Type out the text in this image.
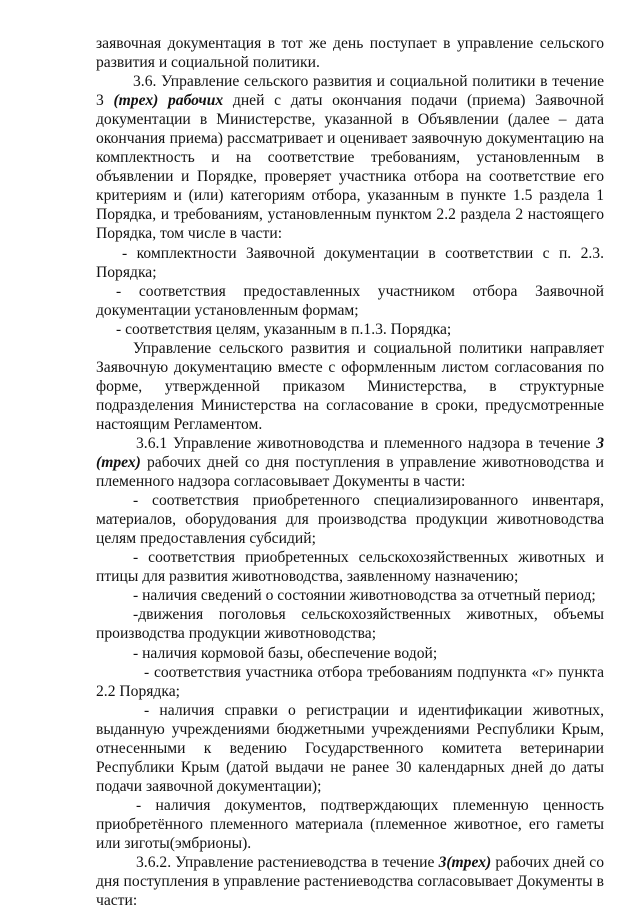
заявочная документация в тот же день поступает в управление сельского развития и социальной политики.

3.6. Управление сельского развития и социальной политики в течение 3 (трех) рабочих дней с даты окончания подачи (приема) Заявочной документации в Министерстве, указанной в Объявлении (далее – дата окончания приема) рассматривает и оценивает заявочную документацию на комплектность и на соответствие требованиям, установленным в объявлении и Порядке, проверяет участника отбора на соответствие его критериям и (или) категориям отбора, указанным в пункте 1.5 раздела 1 Порядка, и требованиям, установленным пунктом 2.2 раздела 2 настоящего Порядка, том числе в части:

- комплектности Заявочной документации в соответствии с п. 2.3. Порядка;

- соответствия предоставленных участником отбора Заявочной документации установленным формам;

- соответствия целям, указанным в п.1.3. Порядка;

Управление сельского развития и социальной политики направляет Заявочную документацию вместе с оформленным листом согласования по форме, утвержденной приказом Министерства, в структурные подразделения Министерства на согласование в сроки, предусмотренные настоящим Регламентом.

3.6.1 Управление животноводства и племенного надзора в течение 3 (трех) рабочих дней со дня поступления в управление животноводства и племенного надзора согласовывает Документы в части:

- соответствия приобретенного специализированного инвентаря, материалов, оборудования для производства продукции животноводства целям предоставления субсидий;

- соответствия приобретенных сельскохозяйственных животных и птицы для развития животноводства, заявленному назначению;

- наличия сведений о состоянии животноводства за отчетный период;

-движения поголовья сельскохозяйственных животных, объемы производства продукции животноводства;

- наличия кормовой базы, обеспечение водой;

- соответствия участника отбора требованиям подпункта «г» пункта 2.2 Порядка;

- наличия справки о регистрации и идентификации животных, выданную учреждениями бюджетными учреждениями Республики Крым, отнесенными к ведению Государственного комитета ветеринарии Республики Крым (датой выдачи не ранее 30 календарных дней до даты подачи заявочной документации);

- наличия документов, подтверждающих племенную ценность приобретённого племенного материала (племенное животное, его гаметы или зиготы(эмбрионы).

3.6.2. Управление растениеводства в течение 3(трех) рабочих дней со дня поступления в управление растениеводства согласовывает Документы в части:
